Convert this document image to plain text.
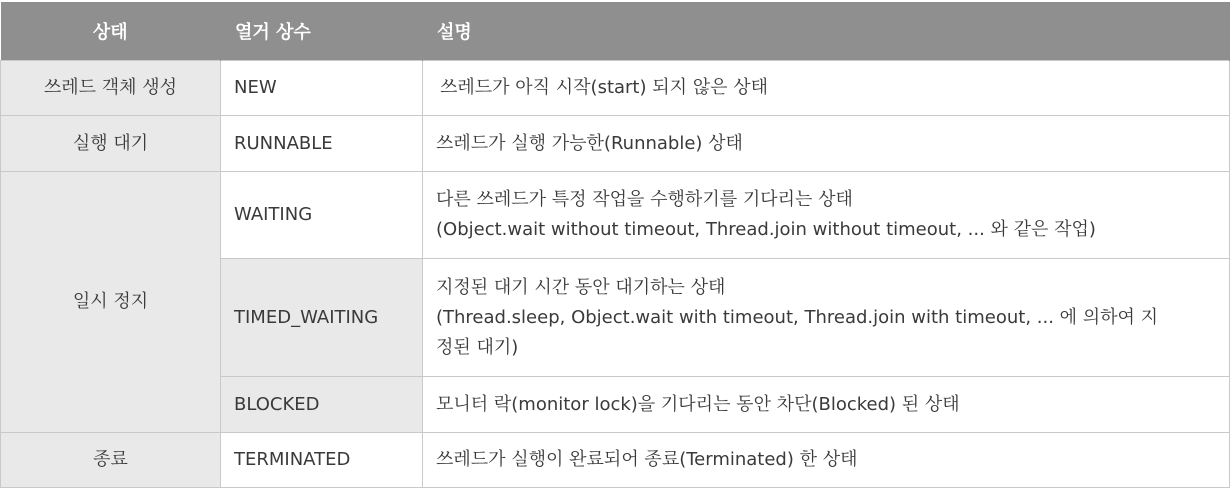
상태	열거 상수	설명
쓰레드 객체 생성	NEW	쓰레드가 아직 시작(start) 되지 않은 상태

실행 대기	RUNNABLE	쓰레드가 실행 가능한(Runnable) 상태

일시 정지	WAITING	다른 쓰레드가 특정 작업을 수행하기를 기다리는 상태
(Object.wait without timeout, Thread.join without timeout, ... 와 같은 작업)

	TIMED_WAITING	지정된 대기 시간 동안 대기하는 상태
(Thread.sleep, Object.wait with timeout, Thread.join with timeout, ... 에 의하여 지
정된 대기)

	BLOCKED	모니터 락(monitor lock)을 기다리는 동안 차단(Blocked) 된 상태

종료	TERMINATED	쓰레드가 실행이 완료되어 종료(Terminated) 한 상태
